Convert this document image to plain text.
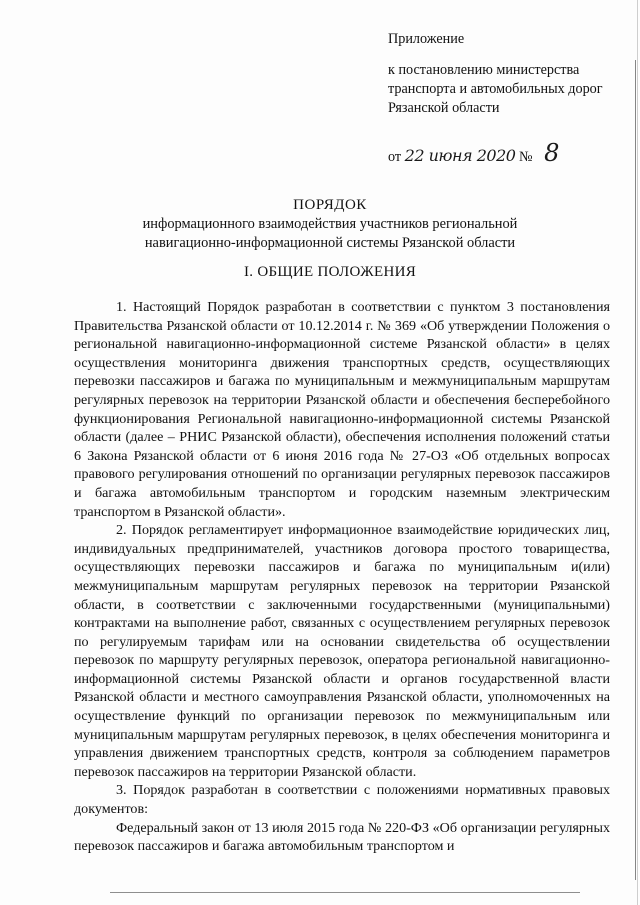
Приложение
к постановлению министерства
транспорта и автомобильных дорог
Рязанской области
от 22 июня 2020 № 8
ПОРЯДОК
информационного взаимодействия участников региональной
навигационно-информационной системы Рязанской области
I. ОБЩИЕ ПОЛОЖЕНИЯ

1. Настоящий Порядок разработан в соответствии с пунктом 3 постановления Правительства Рязанской области от 10.12.2014 г. № 369 «Об утверждении Положения о региональной навигационно-информационной системе Рязанской области» в целях осуществления мониторинга движения транспортных средств, осуществляющих перевозки пассажиров и багажа по муниципальным и межмуниципальным маршрутам регулярных перевозок на территории Рязанской области и обеспечения бесперебойного функционирования Региональной навигационно-информационной системы Рязанской области (далее – РНИС Рязанской области), обеспечения исполнения положений статьи 6 Закона Рязанской области от 6 июня 2016 года № 27-ОЗ «Об отдельных вопросах правового регулирования отношений по организации регулярных перевозок пассажиров и багажа автомобильным транспортом и городским наземным электрическим транспортом в Рязанской области».

2. Порядок регламентирует информационное взаимодействие юридических лиц, индивидуальных предпринимателей, участников договора простого товарищества, осуществляющих перевозки пассажиров и багажа по муниципальным и(или) межмуниципальным маршрутам регулярных перевозок на территории Рязанской области, в соответствии с заключенными государственными (муниципальными) контрактами на выполнение работ, связанных с осуществлением регулярных перевозок по регулируемым тарифам или на основании свидетельства об осуществлении перевозок по маршруту регулярных перевозок, оператора региональной навигационно-информационной системы Рязанской области и органов государственной власти Рязанской области и местного самоуправления Рязанской области, уполномоченных на осуществление функций по организации перевозок по межмуниципальным или муниципальным маршрутам регулярных перевозок, в целях обеспечения мониторинга и управления движением транспортных средств, контроля за соблюдением параметров перевозок пассажиров на территории Рязанской области.

3. Порядок разработан в соответствии с положениями нормативных правовых документов:

Федеральный закон от 13 июля 2015 года № 220-ФЗ «Об организации регулярных перевозок пассажиров и багажа автомобильным транспортом и
